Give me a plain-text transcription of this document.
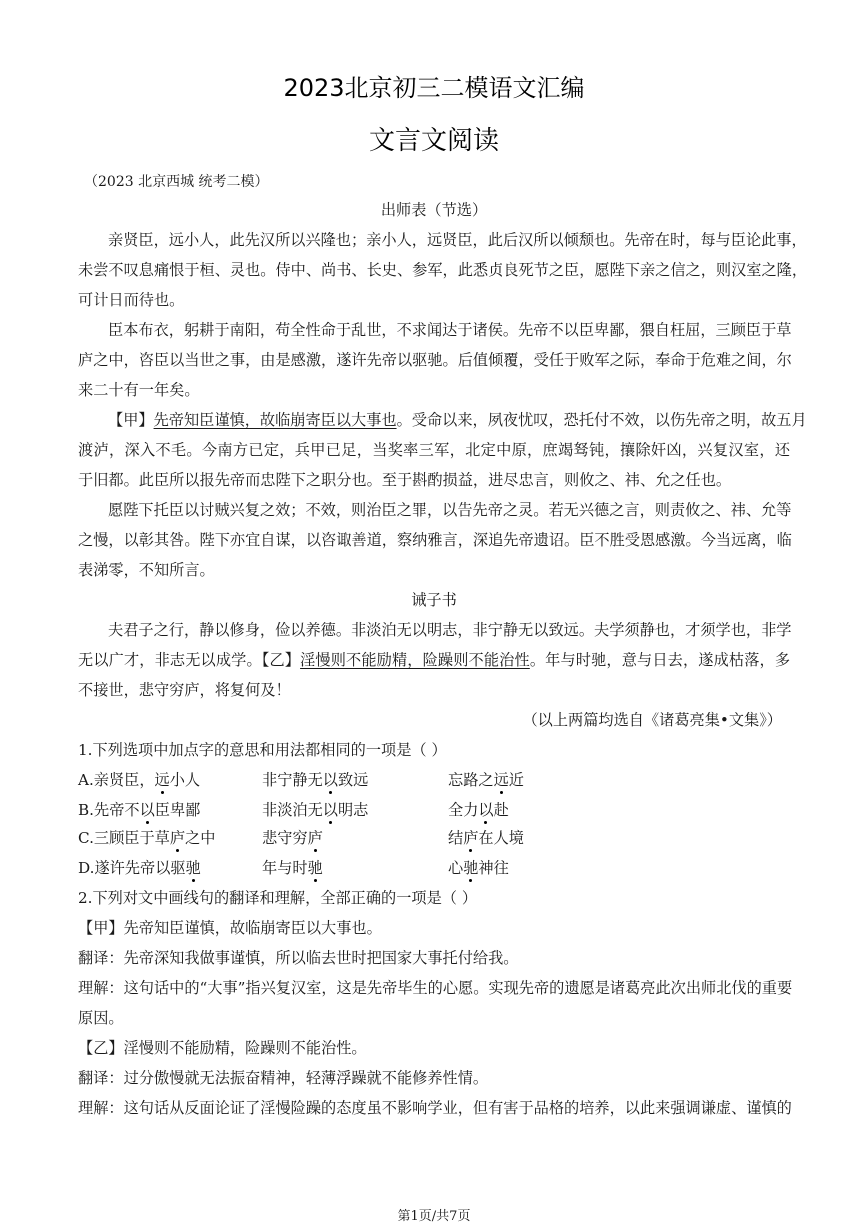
2023北京初三二模语文汇编
文言文阅读
（2023 北京西城 统考二模）
出师表（节选）
亲贤臣，远小人，此先汉所以兴隆也；亲小人，远贤臣，此后汉所以倾颓也。先帝在时，每与臣论此事，
未尝不叹息痛恨于桓、灵也。侍中、尚书、长史、参军，此悉贞良死节之臣，愿陛下亲之信之，则汉室之隆，
可计日而待也。
臣本布衣，躬耕于南阳，苟全性命于乱世，不求闻达于诸侯。先帝不以臣卑鄙，猥自枉屈，三顾臣于草
庐之中，咨臣以当世之事，由是感激，遂许先帝以驱驰。后值倾覆，受任于败军之际，奉命于危难之间，尔
来二十有一年矣。
【甲】先帝知臣谨慎，故临崩寄臣以大事也。受命以来，夙夜忧叹，恐托付不效，以伤先帝之明，故五月
渡泸，深入不毛。今南方已定，兵甲已足，当奖率三军，北定中原，庶竭驽钝，攘除奸凶，兴复汉室，还
于旧都。此臣所以报先帝而忠陛下之职分也。至于斟酌损益，进尽忠言，则攸之、祎、允之任也。
愿陛下托臣以讨贼兴复之效；不效，则治臣之罪，以告先帝之灵。若无兴德之言，则责攸之、祎、允等
之慢，以彰其咎。陛下亦宜自谋，以咨诹善道，察纳雅言，深追先帝遗诏。臣不胜受恩感激。今当远离，临
表涕零，不知所言。
诫子书
夫君子之行，静以修身，俭以养德。非淡泊无以明志，非宁静无以致远。夫学须静也，才须学也，非学
无以广才，非志无以成学。【乙】淫慢则不能励精，险躁则不能治性。年与时驰，意与日去，遂成枯落，多
不接世，悲守穷庐，将复何及！
（以上两篇均选自《诸葛亮集•文集》）
1.下列选项中加点字的意思和用法都相同的一项是（ ）
A.亲贤臣，远小人	非宁静无以致远	忘路之远近
B.先帝不以臣卑鄙	非淡泊无以明志	全力以赴
C.三顾臣于草庐之中	悲守穷庐	结庐在人境
D.遂许先帝以驱驰	年与时驰	心驰神往
2.下列对文中画线句的翻译和理解，全部正确的一项是（ ）
【甲】先帝知臣谨慎，故临崩寄臣以大事也。
翻译：先帝深知我做事谨慎，所以临去世时把国家大事托付给我。
理解：这句话中的“大事”指兴复汉室，这是先帝毕生的心愿。实现先帝的遗愿是诸葛亮此次出师北伐的重要
原因。
【乙】淫慢则不能励精，险躁则不能治性。
翻译：过分傲慢就无法振奋精神，轻薄浮躁就不能修养性情。
理解：这句话从反面论证了淫慢险躁的态度虽不影响学业，但有害于品格的培养，以此来强调谦虚、谨慎的
第1页/共7页
